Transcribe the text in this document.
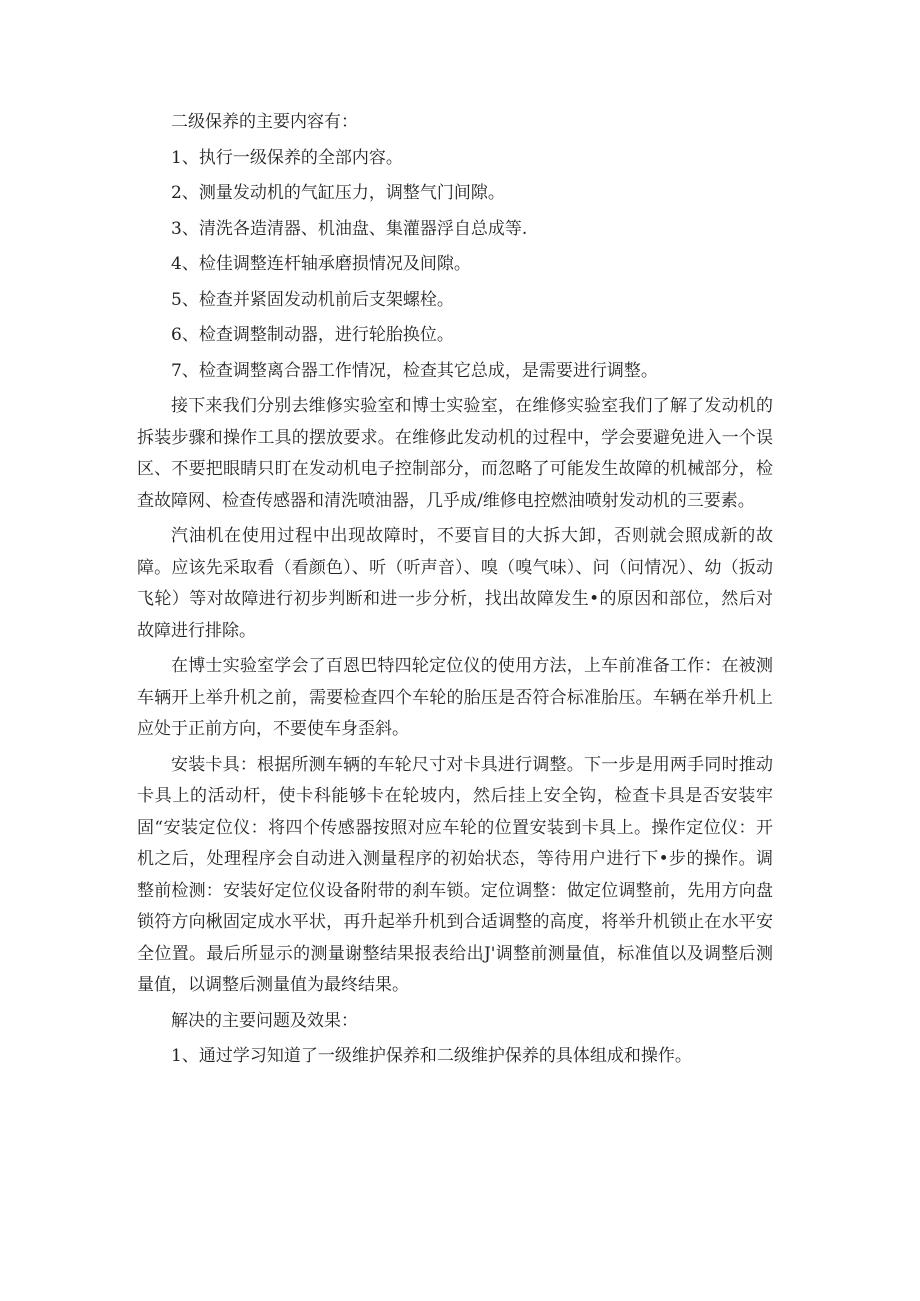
二级保养的主要内容有：

1、执行一级保养的全部内容。

2、测量发动机的气缸压力，调整气门间隙。

3、清洗各造清器、机油盘、集灌器浮自总成等.

4、检佳调整连杆轴承磨损情况及间隙。

5、检查并紧固发动机前后支架螺栓。

6、检查调整制动器，进行轮胎换位。

7、检查调整离合器工作情况，检查其它总成，是需要进行调整。

接下来我们分别去维修实验室和博士实验室，在维修实验室我们了解了发动机的拆装步骤和操作工具的摆放要求。在维修此发动机的过程中，学会要避免进入一个误区、不要把眼睛只盯在发动机电子控制部分，而忽略了可能发生故障的机械部分，检查故障网、检查传感器和清洗喷油器，几乎成/维修电控燃油喷射发动机的三要素。

汽油机在使用过程中出现故障时，不要盲目的大拆大卸，否则就会照成新的故障。应该先采取看（看颜色）、听（听声音）、嗅（嗅气味）、问（问情况）、幼（扳动飞轮）等对故障进行初步判断和进一步分析，找出故障发生•的原因和部位，然后对故障进行排除。

在博士实验室学会了百恩巴特四轮定位仪的使用方法，上车前准备工作：在被测车辆开上举升机之前，需要检查四个车轮的胎压是否符合标准胎压。车辆在举升机上应处于正前方向，不要使车身歪斜。

安装卡具：根据所测车辆的车轮尺寸对卡具进行调整。下一步是用两手同时推动卡具上的活动杆，使卡科能够卡在轮坡内，然后挂上安全钩，检查卡具是否安装牢固“安装定位仪：将四个传感器按照对应车轮的位置安装到卡具上。操作定位仪：开机之后，处理程序会自动进入测量程序的初始状态，等待用户进行下•步的操作。调整前检测：安装好定位仪设备附带的刹车锁。定位调整：做定位调整前，先用方向盘锁符方向楸固定成水平状，再升起举升机到合适调整的高度，将举升机锁止在水平安全位置。最后所显示的测量谢整结果报表给出J'调整前测量值，标准值以及调整后测量值，以调整后测量值为最终结果。

解决的主要问题及效果：

1、通过学习知道了一级维护保养和二级维护保养的具体组成和操作。
